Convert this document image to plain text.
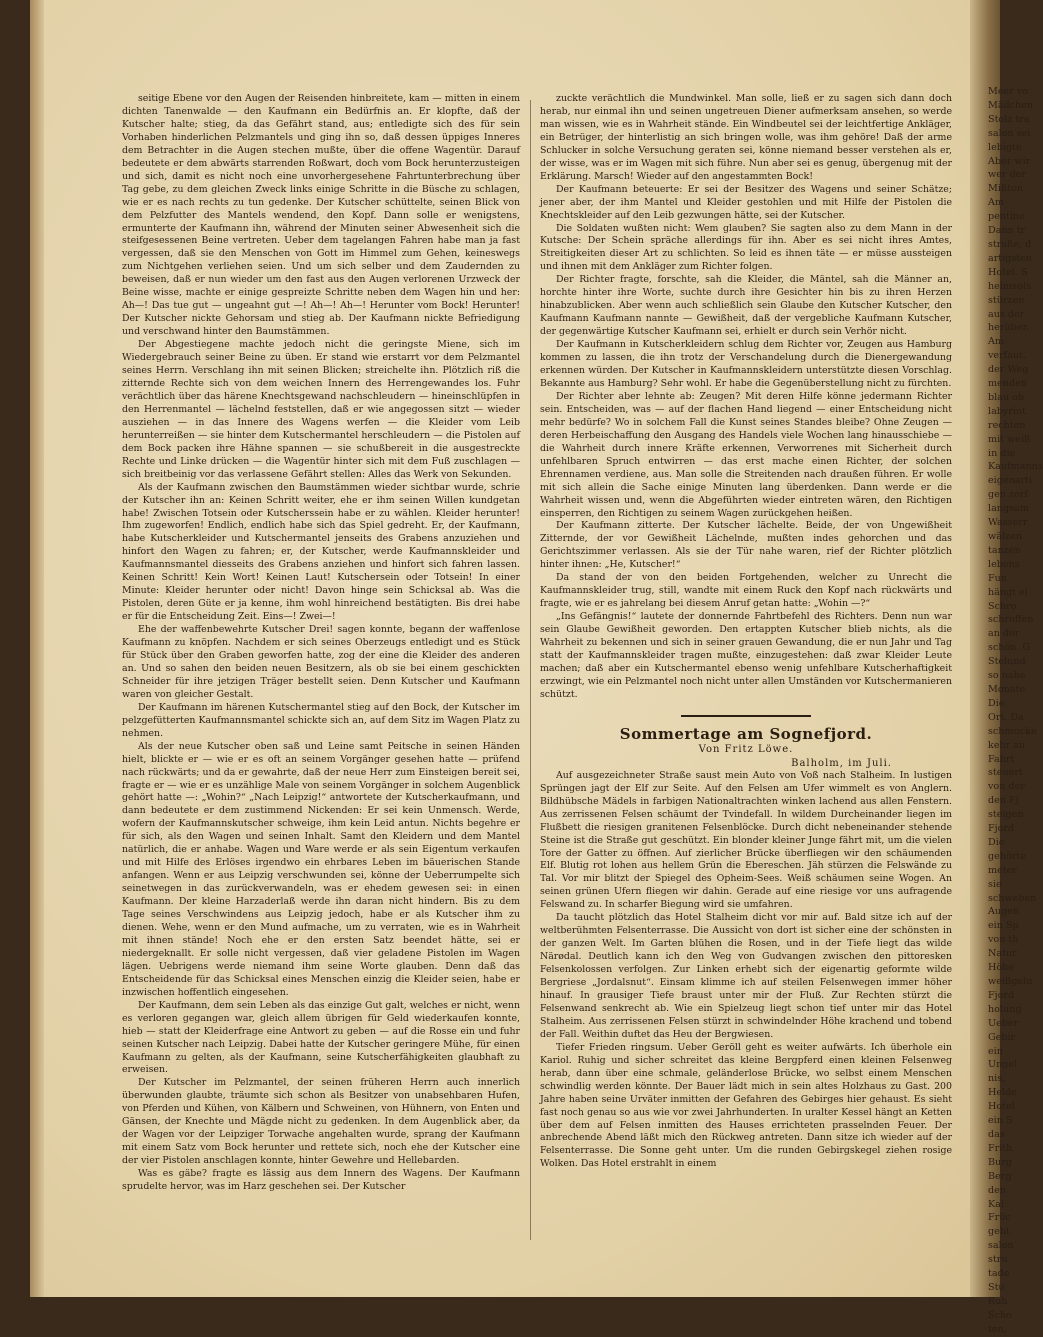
seitige Ebene vor den Augen der Reisenden hinbreitete, kam — mitten in einem dichten Tanenwalde — den Kaufmann ein Bedürfnis an. Er klopfte, daß der Kutscher halte; stieg, da das Gefährt stand, aus; entledigte sich des für sein Vorhaben hinderlichen Pelzmantels und ging ihn so, daß dessen üppiges Inneres dem Betrachter in die Augen stechen mußte, über die offene Wagentür. Darauf bedeutete er dem abwärts starrenden Roßwart, doch vom Bock herunterzusteigen und sich, damit es nicht noch eine unvorhergesehene Fahrtunterbrechung über Tag gebe, zu dem gleichen Zweck links einige Schritte in die Büsche zu schlagen, wie er es nach rechts zu tun gedenke. Der Kutscher schüttelte, seinen Blick von dem Pelzfutter des Mantels wendend, den Kopf. Dann solle er wenigstens, ermunterte der Kaufmann ihn, während der Minuten seiner Abwesenheit sich die steifgesessenen Beine vertreten. Ueber dem tagelangen Fahren habe man ja fast vergessen, daß sie den Menschen von Gott im Himmel zum Gehen, keineswegs zum Nichtgehen verliehen seien. Und um sich selber und dem Zaudernden zu beweisen, daß er nun wieder um den fast aus den Augen verlorenen Urzweck der Beine wisse, machte er einige gespreizte Schritte neben dem Wagen hin und her: Ah—! Das tue gut — ungeahnt gut —! Ah—! Ah—! Herunter vom Bock! Herunter! Der Kutscher nickte Gehorsam und stieg ab. Der Kaufmann nickte Befriedigung und verschwand hinter den Baumstämmen.

Der Abgestiegene machte jedoch nicht die geringste Miene, sich im Wiedergebrauch seiner Beine zu üben. Er stand wie erstarrt vor dem Pelzmantel seines Herrn. Verschlang ihn mit seinen Blicken; streichelte ihn. Plötzlich riß die zitternde Rechte sich von dem weichen Innern des Herrengewandes los. Fuhr verächtlich über das härene Knechtsgewand nachschleudern — hineinschlüpfen in den Herrenmantel — lächelnd feststellen, daß er wie angegossen sitzt — wieder ausziehen — in das Innere des Wagens werfen — die Kleider vom Leib herunterreißen — sie hinter dem Kutschermantel herschleudern — die Pistolen auf dem Bock packen ihre Hähne spannen — sie schußbereit in die ausgestreckte Rechte und Linke drücken — die Wagentür hinter sich mit dem Fuß zuschlagen — sich breitbeinig vor das verlassene Gefährt stellen: Alles das Werk von Sekunden.

Als der Kaufmann zwischen den Baumstämmen wieder sichtbar wurde, schrie der Kutscher ihn an: Keinen Schritt weiter, ehe er ihm seinen Willen kundgetan habe! Zwischen Totsein oder Kutscherssein habe er zu wählen. Kleider herunter! Ihm zugeworfen! Endlich, endlich habe sich das Spiel gedreht. Er, der Kaufmann, habe Kutscherkleider und Kutschermantel jenseits des Grabens anzuziehen und hinfort den Wagen zu fahren; er, der Kutscher, werde Kaufmannskleider und Kaufmannsmantel diesseits des Grabens anziehen und hinfort sich fahren lassen. Keinen Schritt! Kein Wort! Keinen Laut! Kutschersein oder Totsein! In einer Minute: Kleider herunter oder nicht! Davon hinge sein Schicksal ab. Was die Pistolen, deren Güte er ja kenne, ihm wohl hinreichend bestätigten. Bis drei habe er für die Entscheidung Zeit. Eins—! Zwei—!

Ehe der waffenbewehrte Kutscher Drei! sagen konnte, begann der waffenlose Kaufmann zu knöpfen. Nachdem er sich seines Oberzeugs entledigt und es Stück für Stück über den Graben geworfen hatte, zog der eine die Kleider des anderen an. Und so sahen den beiden neuen Besitzern, als ob sie bei einem geschickten Schneider für ihre jetzigen Träger bestellt seien. Denn Kutscher und Kaufmann waren von gleicher Gestalt.

Der Kaufmann im härenen Kutschermantel stieg auf den Bock, der Kutscher im pelzgefütterten Kaufmannsmantel schickte sich an, auf dem Sitz im Wagen Platz zu nehmen.

Als der neue Kutscher oben saß und Leine samt Peitsche in seinen Händen hielt, blickte er — wie er es oft an seinem Vorgänger gesehen hatte — prüfend nach rückwärts; und da er gewahrte, daß der neue Herr zum Einsteigen bereit sei, fragte er — wie er es unzählige Male von seinem Vorgänger in solchem Augenblick gehört hatte —: „Wohin?“ „Nach Leipzig!“ antwortete der Kutscherkaufmann, und dann bedeutete er dem zustimmend Nickenden: Er sei kein Unmensch. Werde, wofern der Kaufmannskutscher schweige, ihm kein Leid antun. Nichts begehre er für sich, als den Wagen und seinen Inhalt. Samt den Kleidern und dem Mantel natürlich, die er anhabe. Wagen und Ware werde er als sein Eigentum verkaufen und mit Hilfe des Erlöses irgendwo ein ehrbares Leben im bäuerischen Stande anfangen. Wenn er aus Leipzig verschwunden sei, könne der Ueberrumpelte sich seinetwegen in das zurückverwandeln, was er ehedem gewesen sei: in einen Kaufmann. Der kleine Harzaderlaß werde ihn daran nicht hindern. Bis zu dem Tage seines Verschwindens aus Leipzig jedoch, habe er als Kutscher ihm zu dienen. Wehe, wenn er den Mund aufmache, um zu verraten, wie es in Wahrheit mit ihnen stände! Noch ehe er den ersten Satz beendet hätte, sei er niedergeknallt. Er solle nicht vergessen, daß vier geladene Pistolen im Wagen lägen. Uebrigens werde niemand ihm seine Worte glauben. Denn daß das Entscheidende für das Schicksal eines Menschen einzig die Kleider seien, habe er inzwischen hoffentlich eingesehen.

Der Kaufmann, dem sein Leben als das einzige Gut galt, welches er nicht, wenn es verloren gegangen war, gleich allem übrigen für Geld wiederkaufen konnte, hieb — statt der Kleiderfrage eine Antwort zu geben — auf die Rosse ein und fuhr seinen Kutscher nach Leipzig. Dabei hatte der Kutscher geringere Mühe, für einen Kaufmann zu gelten, als der Kaufmann, seine Kutscherfähigkeiten glaubhaft zu erweisen.

Der Kutscher im Pelzmantel, der seinen früheren Herrn auch innerlich überwunden glaubte, träumte sich schon als Besitzer von unabsehbaren Hufen, von Pferden und Kühen, von Kälbern und Schweinen, von Hühnern, von Enten und Gänsen, der Knechte und Mägde nicht zu gedenken. In dem Augenblick aber, da der Wagen vor der Leipziger Torwache angehalten wurde, sprang der Kaufmann mit einem Satz vom Bock herunter und rettete sich, noch ehe der Kutscher eine der vier Pistolen anschlagen konnte, hinter Gewehre und Hellebarden.

Was es gäbe? fragte es lässig aus dem Innern des Wagens. Der Kaufmann sprudelte hervor, was im Harz geschehen sei. Der Kutscher

zuckte verächtlich die Mundwinkel. Man solle, ließ er zu sagen sich dann doch herab, nur einmal ihn und seinen ungetreuen Diener aufmerksam ansehen, so werde man wissen, wie es in Wahrheit stände. Ein Windbeutel sei der leichtfertige Ankläger, ein Betrüger, der hinterlistig an sich bringen wolle, was ihm gehöre! Daß der arme Schlucker in solche Versuchung geraten sei, könne niemand besser verstehen als er, der wisse, was er im Wagen mit sich führe. Nun aber sei es genug, übergenug mit der Erklärung. Marsch! Wieder auf den angestammten Bock!

Der Kaufmann beteuerte: Er sei der Besitzer des Wagens und seiner Schätze; jener aber, der ihm Mantel und Kleider gestohlen und mit Hilfe der Pistolen die Knechtskleider auf den Leib gezwungen hätte, sei der Kutscher.

Die Soldaten wußten nicht: Wem glauben? Sie sagten also zu dem Mann in der Kutsche: Der Schein spräche allerdings für ihn. Aber es sei nicht ihres Amtes, Streitigkeiten dieser Art zu schlichten. So leid es ihnen täte — er müsse aussteigen und ihnen mit dem Ankläger zum Richter folgen.

Der Richter fragte, forschte, sah die Kleider, die Mäntel, sah die Männer an, horchte hinter ihre Worte, suchte durch ihre Gesichter hin bis zu ihren Herzen hinabzublicken. Aber wenn auch schließlich sein Glaube den Kutscher Kutscher, den Kaufmann Kaufmann nannte — Gewißheit, daß der vergebliche Kaufmann Kutscher, der gegenwärtige Kutscher Kaufmann sei, erhielt er durch sein Verhör nicht.

Der Kaufmann in Kutscherkleidern schlug dem Richter vor, Zeugen aus Hamburg kommen zu lassen, die ihn trotz der Verschandelung durch die Dienergewandung erkennen würden. Der Kutscher in Kaufmannskleidern unterstützte diesen Vorschlag. Bekannte aus Hamburg? Sehr wohl. Er habe die Gegenüberstellung nicht zu fürchten.

Der Richter aber lehnte ab: Zeugen? Mit deren Hilfe könne jedermann Richter sein. Entscheiden, was — auf der flachen Hand liegend — einer Entscheidung nicht mehr bedürfe? Wo in solchem Fall die Kunst seines Standes bleibe? Ohne Zeugen — deren Herbeischaffung den Ausgang des Handels viele Wochen lang hinausschiebe — die Wahrheit durch innere Kräfte erkennen, Verworrenes mit Sicherheit durch unfehlbaren Spruch entwirren — das erst mache einen Richter, der solchen Ehrennamen verdiene, aus. Man solle die Streitenden nach draußen führen. Er wolle mit sich allein die Sache einige Minuten lang überdenken. Dann werde er die Wahrheit wissen und, wenn die Abgeführten wieder eintreten wären, den Richtigen einsperren, den Richtigen zu seinem Wagen zurückgehen heißen.

Der Kaufmann zitterte. Der Kutscher lächelte. Beide, der von Ungewißheit Zitternde, der vor Gewißheit Lächelnde, mußten indes gehorchen und das Gerichtszimmer verlassen. Als sie der Tür nahe waren, rief der Richter plötzlich hinter ihnen: „He, Kutscher!“

Da stand der von den beiden Fortgehenden, welcher zu Unrecht die Kaufmannskleider trug, still, wandte mit einem Ruck den Kopf nach rückwärts und fragte, wie er es jahrelang bei diesem Anruf getan hatte: „Wohin —?“

„Ins Gefängnis!“ lautete der donnernde Fahrtbefehl des Richters. Denn nun war sein Glaube Gewißheit geworden. Den ertappten Kutscher blieb nichts, als die Wahrheit zu bekennen und sich in seiner grauen Gewandung, die er nun Jahr und Tag statt der Kaufmannskleider tragen mußte, einzugestehen: daß zwar Kleider Leute machen; daß aber ein Kutschermantel ebenso wenig unfehlbare Kutscherhaftigkeit erzwingt, wie ein Pelzmantel noch nicht unter allen Umständen vor Kutschermanieren schützt.

Sommertage am Sognefjord.
Von Fritz Löwe.
Balholm, im Juli.

Auf ausgezeichneter Straße saust mein Auto von Voß nach Stalheim. In lustigen Sprüngen jagt der Elf zur Seite. Auf den Felsen am Ufer wimmelt es von Anglern. Bildhübsche Mädels in farbigen Nationaltrachten winken lachend aus allen Fenstern. Aus zerrissenen Felsen schäumt der Tvindefall. In wildem Durcheinander liegen im Flußbett die riesigen granitenen Felsenblöcke. Durch dicht nebeneinander stehende Steine ist die Straße gut geschützt. Ein blonder kleiner Junge fährt mit, um die vielen Tore der Gatter zu öffnen. Auf zierlicher Brücke überfliegen wir den schäumenden Elf. Blutig rot lohen aus hellem Grün die Ebereschen. Jäh stürzen die Felswände zu Tal. Vor mir blitzt der Spiegel des Opheim-Sees. Weiß schäumen seine Wogen. An seinen grünen Ufern fliegen wir dahin. Gerade auf eine riesige vor uns aufragende Felswand zu. In scharfer Biegung wird sie umfahren.

Da taucht plötzlich das Hotel Stalheim dicht vor mir auf. Bald sitze ich auf der weltberühmten Felsenterrasse. Die Aussicht von dort ist sicher eine der schönsten in der ganzen Welt. Im Garten blühen die Rosen, und in der Tiefe liegt das wilde Närødal. Deutlich kann ich den Weg von Gudvangen zwischen den pittoresken Felsenkolossen verfolgen. Zur Linken erhebt sich der eigenartig geformte wilde Bergriese „Jordalsnut“. Einsam klimme ich auf steilen Felsenwegen immer höher hinauf. In grausiger Tiefe braust unter mir der Fluß. Zur Rechten stürzt die Felsenwand senkrecht ab. Wie ein Spielzeug liegt schon tief unter mir das Hotel Stalheim. Aus zerrissenen Felsen stürzt in schwindelnder Höhe krachend und tobend der Fall. Weithin duftet das Heu der Bergwiesen.

Tiefer Frieden ringsum. Ueber Geröll geht es weiter aufwärts. Ich überhole ein Kariol. Ruhig und sicher schreitet das kleine Bergpferd einen kleinen Felsenweg herab, dann über eine schmale, geländerlose Brücke, wo selbst einem Menschen schwindlig werden könnte. Der Bauer lädt mich in sein altes Holzhaus zu Gast. 200 Jahre haben seine Urväter inmitten der Gefahren des Gebirges hier gehaust. Es sieht fast noch genau so aus wie vor zwei Jahrhunderten. In uralter Kessel hängt an Ketten über dem auf Felsen inmitten des Hauses errichteten prasselnden Feuer. Der anbrechende Abend läßt mich den Rückweg antreten. Dann sitze ich wieder auf der Felsenterrasse. Die Sonne geht unter. Um die runden Gebirgskegel ziehen rosige Wolken. Das Hotel erstrahlt in einem

Meer vo
Mädchen
Stolz tra
salon sei
lebigte
Aber wir
wer der
Mißton
Am
pentine
Dann tr
straße, d
artigsten
Hotel. S
heimsofs
stürzen
aus der
herüber.
Am
verfaut.
der Weg
menden
blau ob
labyrint
rechten
mit weiß
in die
Kaufmanns
eigenarti
gen zerf
langsam
Wasserr
wälzen
tanzen
lebens
Fun
hängt ei
Schro
schroffen
an der
schön. G
Stelund
so nahe
Monate
Die
Ort. Da
schmucke
kehr au
Fahrt
steuert
von der
den Fj
steigen
Fjord
Die
gehörte
meter
sie
schweben
Augen
ein Sp
von th
Natur
Höhe
weißgeln
Fjord
holung
Ueber
Gebir
ein
Ungel
nis,
Helde
Hotel
ein S
das
Frith
Burg
Berg
den
Kai
Früc
geht
salon
stru
tade
Stu
Ruh
Scho
ten,
